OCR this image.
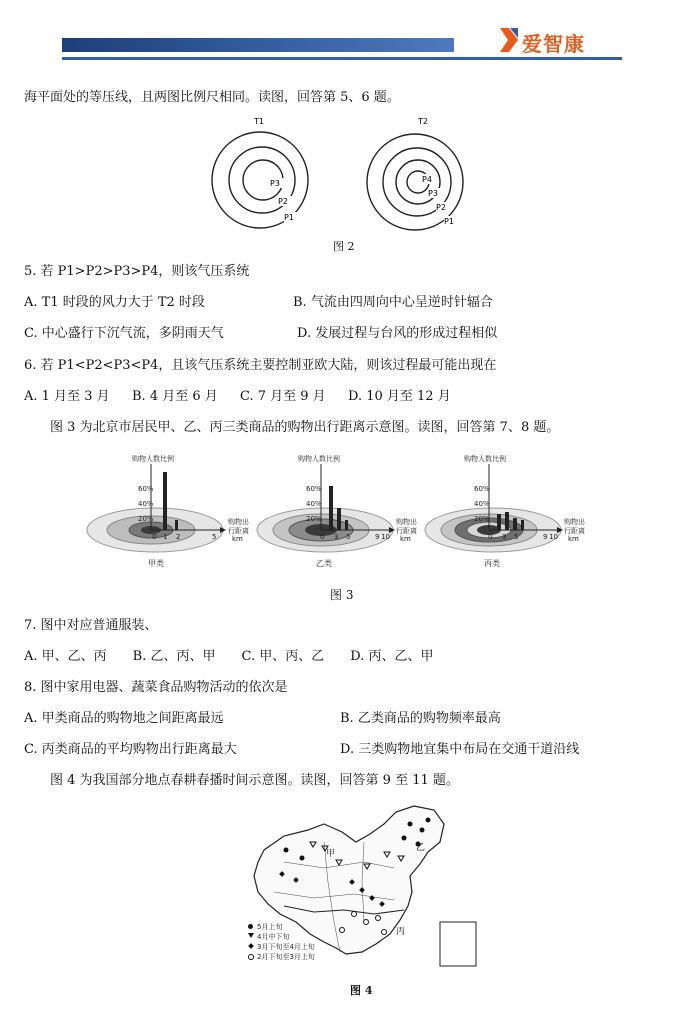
爱智康
海平面处的等压线，且两图比例尺相同。读图，回答第 5、6 题。
T1	T2
P3
P2
P1
P4
P3
P2
P1
图 2
5. 若 P1>P2>P3>P4，则该气压系统
A. T1 时段的风力大于 T2 时段	B. 气流由四周向中心呈逆时针辐合
C. 中心盛行下沉气流，多阴雨天气	D. 发展过程与台风的形成过程相似
6. 若 P1<P2<P3<P4，且该气压系统主要控制亚欧大陆，则该过程最可能出现在
A. 1 月至 3 月 B. 4 月至 6 月 C. 7 月至 9 月 D. 10 月至 12 月
图 3 为北京市居民甲、乙、丙三类商品的购物出行距离示意图。读图，回答第 7、8 题。
购物人数比例
60%
40%
20%
0 1 2	5
购物出
行距离
km
甲类
购物人数比例
60%
40%
20%
0 3 5	9 10
购物出
行距离
km
乙类
购物人数比例
60%
40%
20%
0 3 5	9 10
购物出
行距离
km
丙类
图 3
7. 图中对应普通服装、
A. 甲、乙、丙　　B. 乙、丙、甲　　C. 甲、丙、乙　　D. 丙、乙、甲
8. 图中家用电器、蔬菜食品购物活动的依次是
A. 甲类商品的购物地之间距离最远	B. 乙类商品的购物频率最高
C. 丙类商品的平均购物出行距离最大	D. 三类购物地宜集中布局在交通干道沿线
图 4 为我国部分地点春耕春播时间示意图。读图，回答第 9 至 11 题。
甲
乙
丙
5月上旬
4月中下旬
3月下旬至4月上旬
2月下旬至3月上旬
图 4
